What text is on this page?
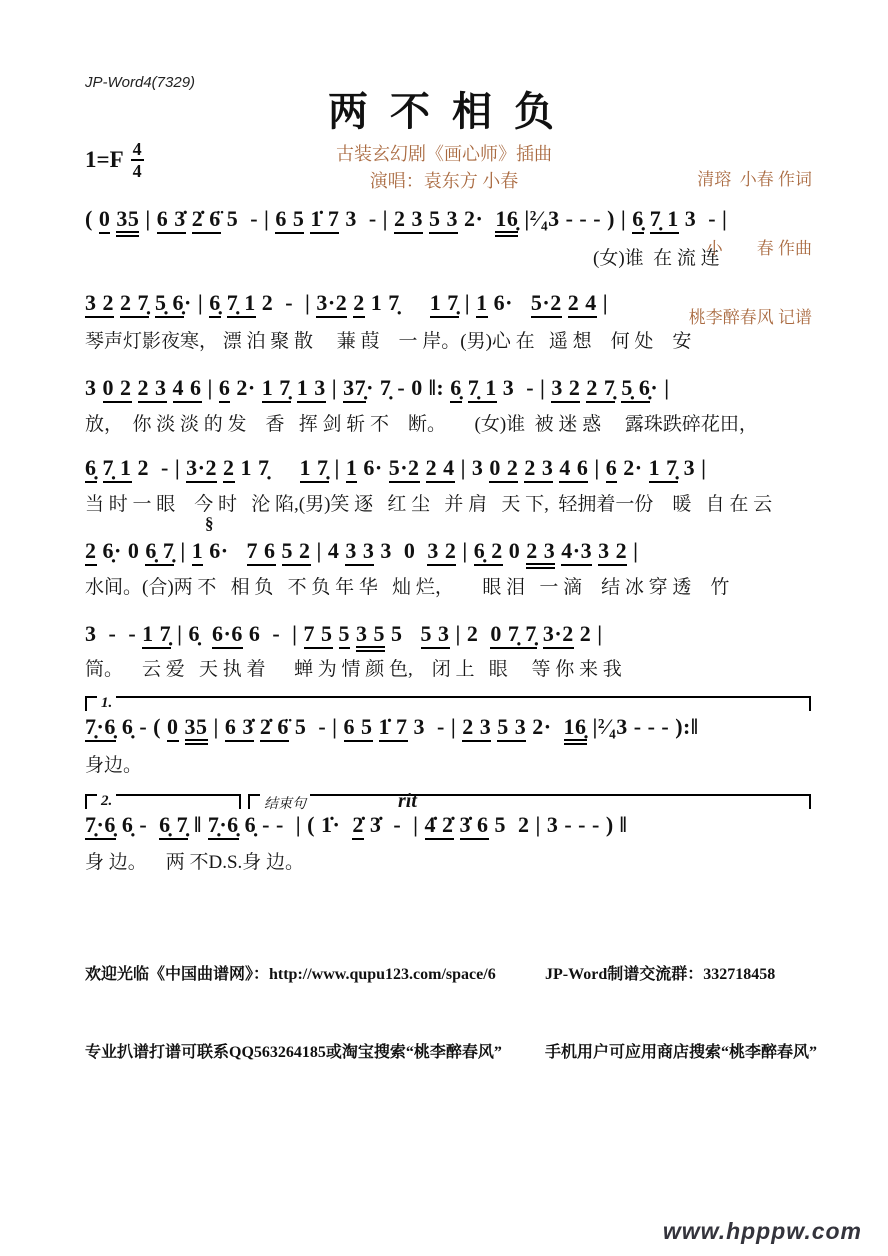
JP-Word4(7329)
两 不 相 负
$1=F \frac{4}{4}$	古装玄幻剧《画心师》插曲
演唱：袁东方 小春

	清瑢  小春 作词

小        春 作曲

桃李醉春风 记谱

( 0 35 | 6 3̇ 2̇ 6̈ 5  - | 6 5 1̇ 7 3  - | 2 3 5 3 2·  16̣ |²⁄₄3 - - - ) | 6̣ 7̣ 1 3  - |
(女)谁  在 流 连
3 2 2 7̣ 5̣ 6̣· | 6̣ 7̣ 1 2  -  | 3·2 2 1 7̣     1 7̣ | 1 6·   5·2 2 4 |
琴声灯影夜寒， 漂 泊 聚 散     蒹 葭    一 岸。(男)心 在   遥 想    何 处    安
3 0 2 2 3 4 6 | 6 2· 1 7̣ 1 3 | 37̣· 7̣ - 0 ‖: 6̣ 7̣ 1 3  - | 3 2 2 7̣ 5̣ 6̣· |
放，  你 淡 淡 的 发    香   挥 剑 斩 不    断。      (女)谁  被 迷 惑     露珠跌碎花田，
6̣ 7̣ 1 2  - | 3·2 2 1 7̣     1 7̣ | 1 6· 5·2 2 4 | 3 0 2 2 3 4 6 | 6 2· 1 7̣ 3 |
当 时 一 眼    今 时   沦 陷,(男)笑 逐   红 尘   并 肩   天 下,  轻拥着一份    暖   自 在 云
§
2 6̣· 0 6̣ 7̣ | 1 6·   7 6 5 2 | 4 3 3 3  0  3 2 | 6̣ 2 0 2 3 4·3 3 2 |
水间。(合)两 不   相 负   不 负 年 华   灿 烂，      眼 泪   一 滴    结 冰 穿 透    竹
3  -  - 1 7̣ | 6̣  6·6 6  -  | 7 5 5 3 5 5   5 3 | 2  0 7̣ 7̣ 3·2 2 |
筒。    云 爱   天 执 着      蝉 为 情 颜 色,    闭 上   眼     等 你 来 我
1.
7̣·6̣ 6̣ - ( 0 35 | 6 3̇ 2̇ 6̈ 5  - | 6 5 1̇ 7 3  - | 2 3 5 3 2·  16̣ |²⁄₄3 - - - ):‖
身边。
2.	结束句	rit
7̣·6̣ 6̣ -  6̣ 7̣ ‖ 7̣·6̣ 6̣ - -  | ( 1̇·  2̇ 3̇  -  | 4̇ 2̇ 3̇ 6 5  2 | 3 - - - ) ‖
身 边。    两 不D.S.身 边。

欢迎光临《中国曲谱网》：http://www.qupu123.com/space/6

专业扒谱打谱可联系QQ563264185或淘宝搜索“桃李醉春风”

JP-Word制谱交流群：332718458

手机用户可应用商店搜索“桃李醉春风”

www.hpppw.com
